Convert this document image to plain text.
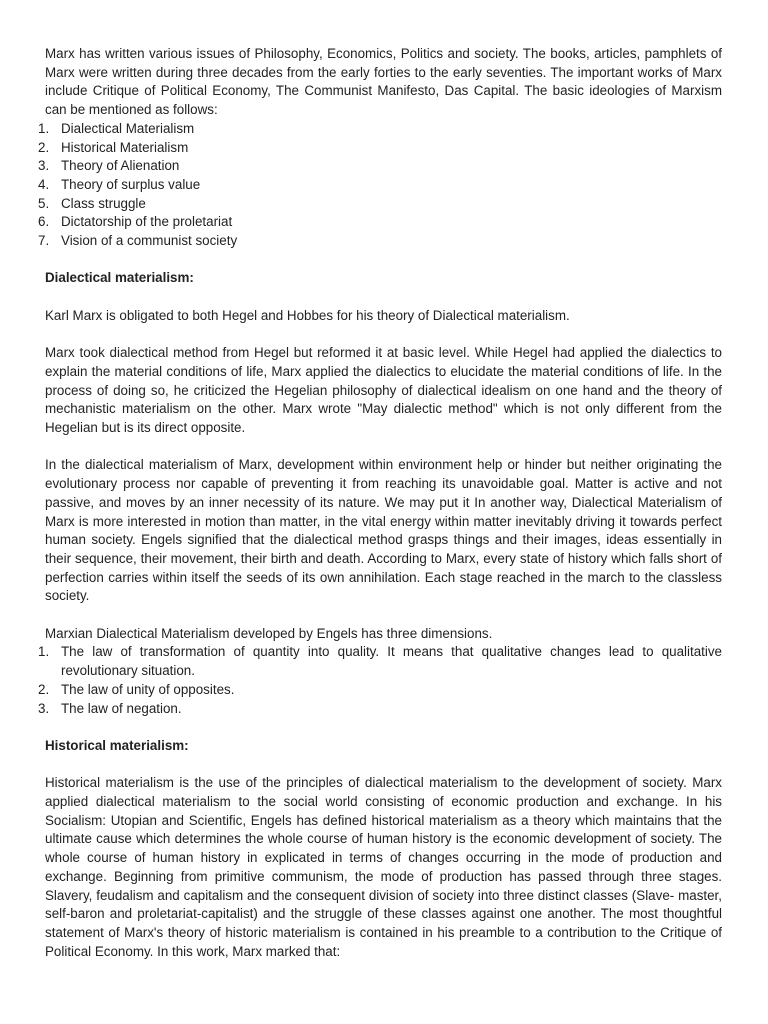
Marx has written various issues of Philosophy, Economics, Politics and society. The books, articles, pamphlets of Marx were written during three decades from the early forties to the early seventies. The important works of Marx include Critique of Political Economy, The Communist Manifesto, Das Capital. The basic ideologies of Marxism can be mentioned as follows:

1. Dialectical Materialism
2. Historical Materialism
3. Theory of Alienation
4. Theory of surplus value
5. Class struggle
6. Dictatorship of the proletariat
7. Vision of a communist society
Dialectical materialism:

Karl Marx is obligated to both Hegel and Hobbes for his theory of Dialectical materialism.

Marx took dialectical method from Hegel but reformed it at basic level. While Hegel had applied the dialectics to explain the material conditions of life, Marx applied the dialectics to elucidate the material conditions of life. In the process of doing so, he criticized the Hegelian philosophy of dialectical idealism on one hand and the theory of mechanistic materialism on the other. Marx wrote "May dialectic method" which is not only different from the Hegelian but is its direct opposite.

In the dialectical materialism of Marx, development within environment help or hinder but neither originating the evolutionary process nor capable of preventing it from reaching its unavoidable goal. Matter is active and not passive, and moves by an inner necessity of its nature. We may put it In another way, Dialectical Materialism of Marx is more interested in motion than matter, in the vital energy within matter inevitably driving it towards perfect human society. Engels signified that the dialectical method grasps things and their images, ideas essentially in their sequence, their movement, their birth and death. According to Marx, every state of history which falls short of perfection carries within itself the seeds of its own annihilation. Each stage reached in the march to the classless society.

Marxian Dialectical Materialism developed by Engels has three dimensions.

1. The law of transformation of quantity into quality. It means that qualitative changes lead to qualitative revolutionary situation.
2. The law of unity of opposites.
3. The law of negation.
Historical materialism:

Historical materialism is the use of the principles of dialectical materialism to the development of society. Marx applied dialectical materialism to the social world consisting of economic production and exchange. In his Socialism: Utopian and Scientific, Engels has defined historical materialism as a theory which maintains that the ultimate cause which determines the whole course of human history is the economic development of society. The whole course of human history in explicated in terms of changes occurring in the mode of production and exchange. Beginning from primitive communism, the mode of production has passed through three stages. Slavery, feudalism and capitalism and the consequent division of society into three distinct classes (Slave- master, self-baron and proletariat-capitalist) and the struggle of these classes against one another. The most thoughtful statement of Marx's theory of historic materialism is contained in his preamble to a contribution to the Critique of Political Economy. In this work, Marx marked that:
